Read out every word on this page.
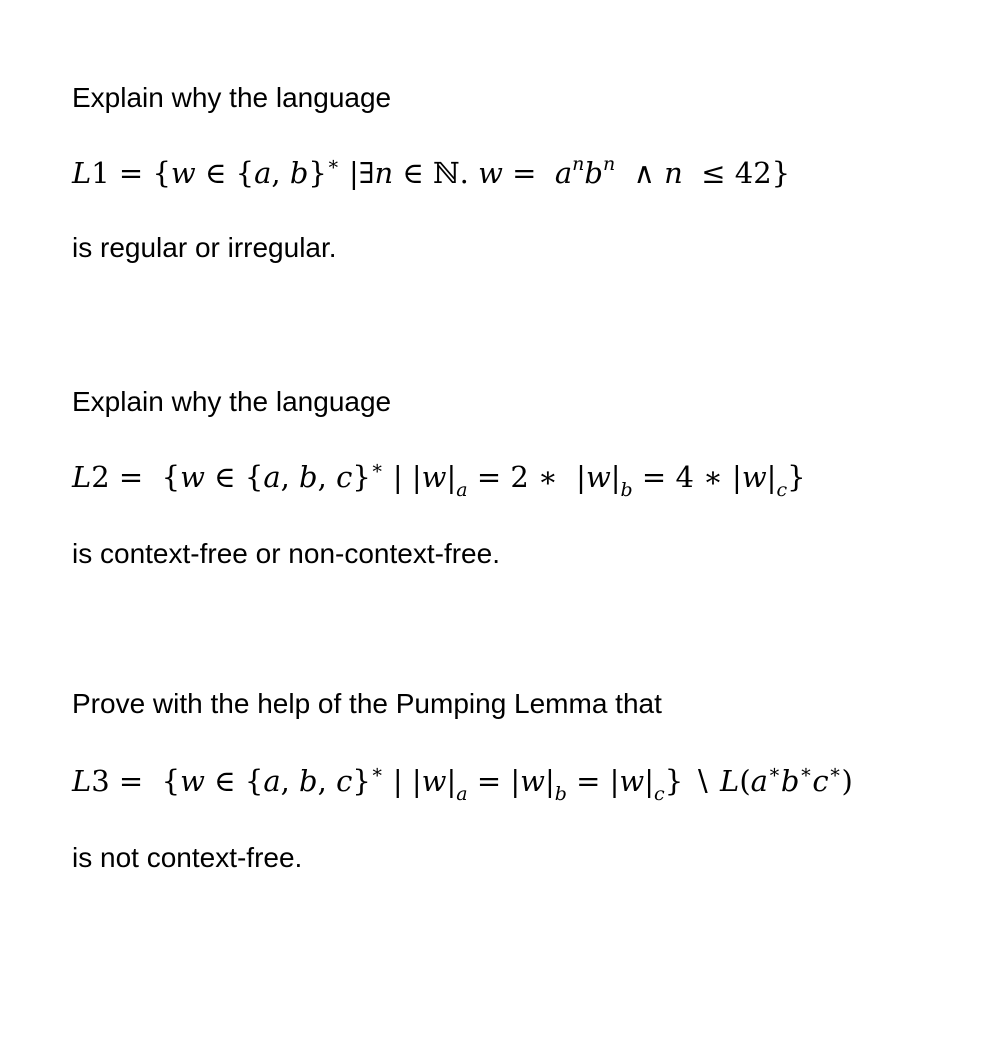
Explain why the language
L1 = {w ∈ {a, b}∗ |∃n ∈ ℕ. $w = a^nb^n$  ∧ n  ≤ 42}
is regular or irregular.
Explain why the language
L2 =  {w ∈ {a, b, c}∗ | $|w|_a = 2$ ∗  $|w|_b = 4$ ∗ $|w|_c$}
is context-free or non-context-free.
Prove with the help of the Pumping Lemma that
L3 =  {w ∈ {a, b, c}∗ | $|w|_a = |w|_b = |w|_c$} ∖ L(a∗b∗c∗)
is not context-free.
